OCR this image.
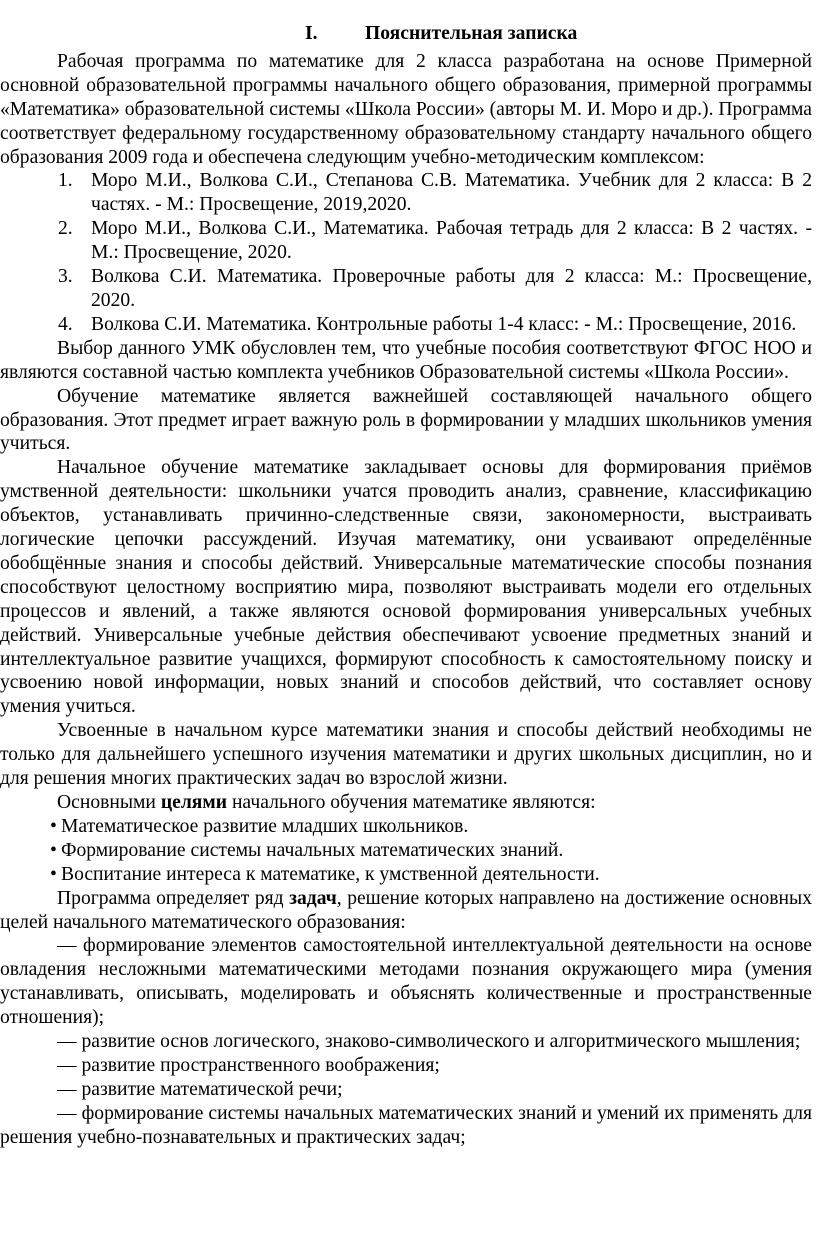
I. Пояснительная записка

Рабочая программа по математике для 2 класса разработана на основе Примерной основной образовательной программы начального общего образования, примерной программы «Математика» образовательной системы «Школа России» (авторы М. И. Моро и др.). Программа соответствует федеральному государственному образовательному стандарту начального общего образования 2009 года и обеспечена следующим учебно-методическим комплексом:

1. Моро М.И., Волкова С.И., Степанова С.В. Математика. Учебник для 2 класса: В 2 частях. - М.: Просвещение, 2019,2020.
2. Моро М.И., Волкова С.И., Математика. Рабочая тетрадь для 2 класса: В 2 частях. - М.: Просвещение, 2020.
3. Волкова С.И. Математика. Проверочные работы для 2 класса: М.: Просвещение, 2020.
4. Волкова С.И. Математика. Контрольные работы 1-4 класс: - М.: Просвещение, 2016.

Выбор данного УМК обусловлен тем, что учебные пособия соответствуют ФГОС НОО и являются составной частью комплекта учебников Образовательной системы «Школа России».

Обучение математике является важнейшей составляющей начального общего образования. Этот предмет играет важную роль в формировании у младших школьников умения учиться.

Начальное обучение математике закладывает основы для формирования приёмов умственной деятельности: школьники учатся проводить анализ, сравнение, классификацию объектов, устанавливать причинно-следственные связи, закономерности, выстраивать логические цепочки рассуждений. Изучая математику, они усваивают определённые обобщённые знания и способы действий. Универсальные математические способы познания способствуют целостному восприятию мира, позволяют выстраивать модели его отдельных процессов и явлений, а также являются основой формирования универсальных учебных действий. Универсальные учебные действия обеспечивают усвоение предметных знаний и интеллектуальное развитие учащихся, формируют способность к самостоятельному поиску и усвоению новой информации, новых знаний и способов действий, что составляет основу умения учиться.

Усвоенные в начальном курсе математики знания и способы действий необходимы не только для дальнейшего успешного изучения математики и других школьных дисциплин, но и для решения многих практических задач во взрослой жизни.

Основными целями начального обучения математике являются:

• Математическое развитие младших школьников.

• Формирование системы начальных математических знаний.

• Воспитание интереса к математике, к умственной деятельности.

Программа определяет ряд задач, решение которых направлено на достижение основных целей начального математического образования:

— формирование элементов самостоятельной интеллектуальной деятельности на основе овладения несложными математическими методами познания окружающего мира (умения устанавливать, описывать, моделировать и объяснять количественные и пространственные отношения);

— развитие основ логического, знаково-символического и алгоритмического мышления;

— развитие пространственного воображения;

— развитие математической речи;

— формирование системы начальных математических знаний и умений их применять для решения учебно-познавательных и практических задач;
